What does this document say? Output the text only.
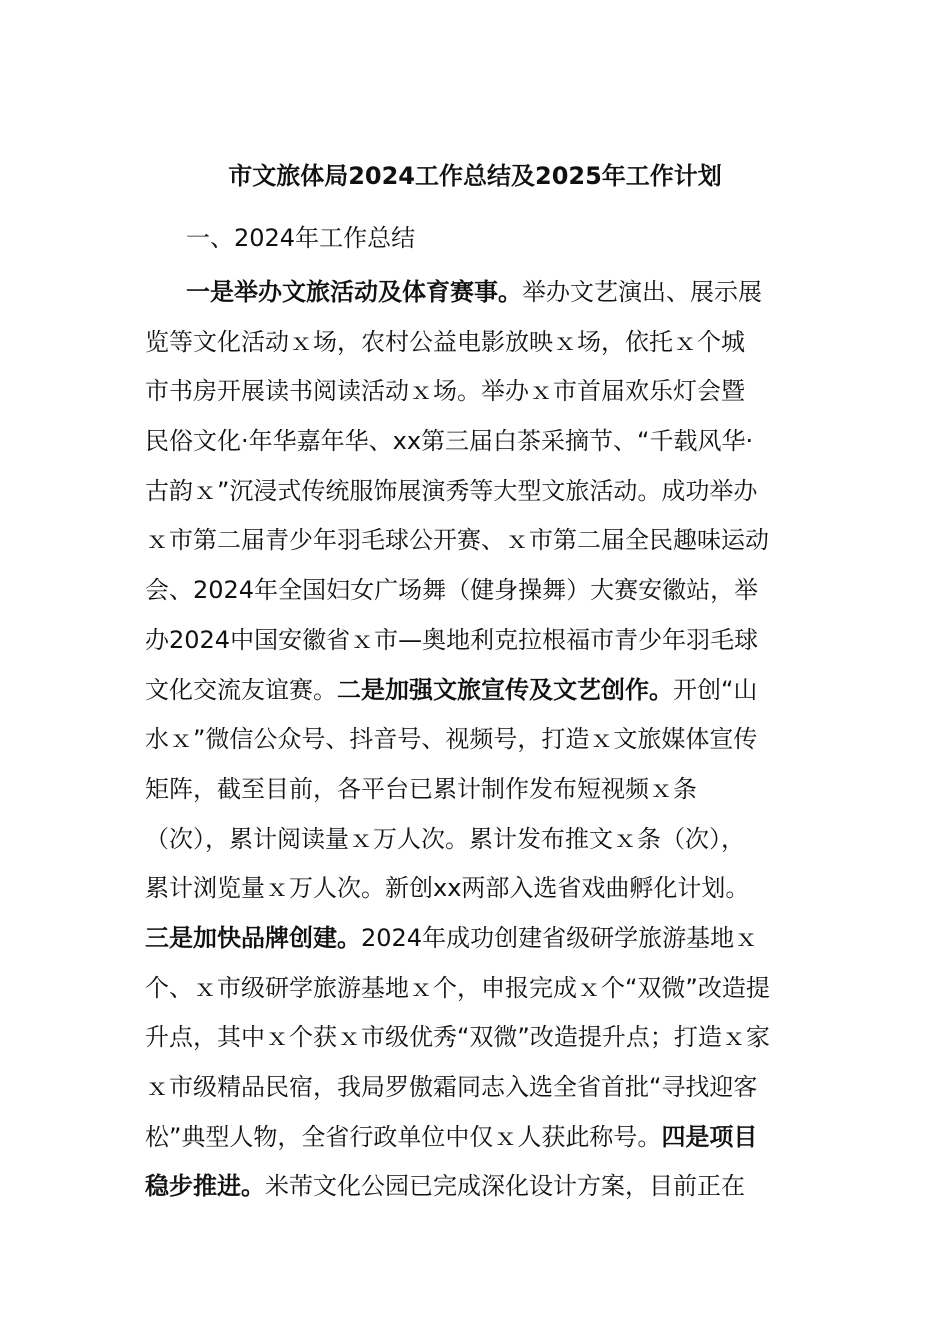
市文旅体局2024工作总结及2025年工作计划
一、2024年工作总结
一是举办文旅活动及体育赛事。举办文艺演出、展示展
览等文化活动ｘ场，农村公益电影放映ｘ场，依托ｘ个城
市书房开展读书阅读活动ｘ场。举办ｘ市首届欢乐灯会暨
民俗文化·年华嘉年华、xx第三届白茶采摘节、“千载风华·
古韵ｘ”沉浸式传统服饰展演秀等大型文旅活动。成功举办
ｘ市第二届青少年羽毛球公开赛、ｘ市第二届全民趣味运动
会、2024年全国妇女广场舞（健身操舞）大赛安徽站，举
办2024中国安徽省ｘ市—奥地利克拉根福市青少年羽毛球
文化交流友谊赛。二是加强文旅宣传及文艺创作。开创“山
水ｘ”微信公众号、抖音号、视频号，打造ｘ文旅媒体宣传
矩阵，截至目前，各平台已累计制作发布短视频ｘ条
（次），累计阅读量ｘ万人次。累计发布推文ｘ条（次），
累计浏览量ｘ万人次。新创xx两部入选省戏曲孵化计划。
三是加快品牌创建。2024年成功创建省级研学旅游基地ｘ
个、ｘ市级研学旅游基地ｘ个，申报完成ｘ个“双微”改造提
升点，其中ｘ个获ｘ市级优秀“双微”改造提升点；打造ｘ家
ｘ市级精品民宿，我局罗傲霜同志入选全省首批“寻找迎客
松”典型人物，全省行政单位中仅ｘ人获此称号。四是项目
稳步推进。米芾文化公园已完成深化设计方案，目前正在
